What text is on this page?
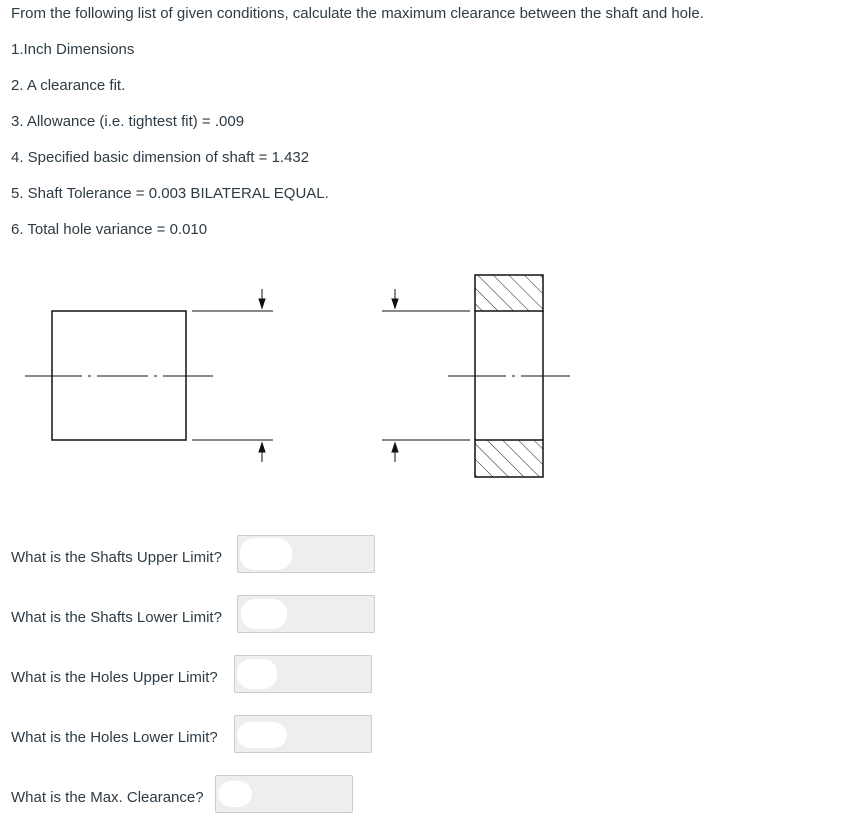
From the following list of given conditions, calculate the maximum clearance between the shaft and hole.

1.Inch Dimensions

2. A clearance fit.

3. Allowance (i.e. tightest fit) = .009

4. Specified basic dimension of shaft = 1.432

5. Shaft Tolerance = 0.003 BILATERAL EQUAL.

6. Total hole variance = 0.010

What is the Shafts Upper Limit?
What is the Shafts Lower Limit?
What is the Holes Upper Limit?
What is the Holes Lower Limit?
What is the Max. Clearance?
